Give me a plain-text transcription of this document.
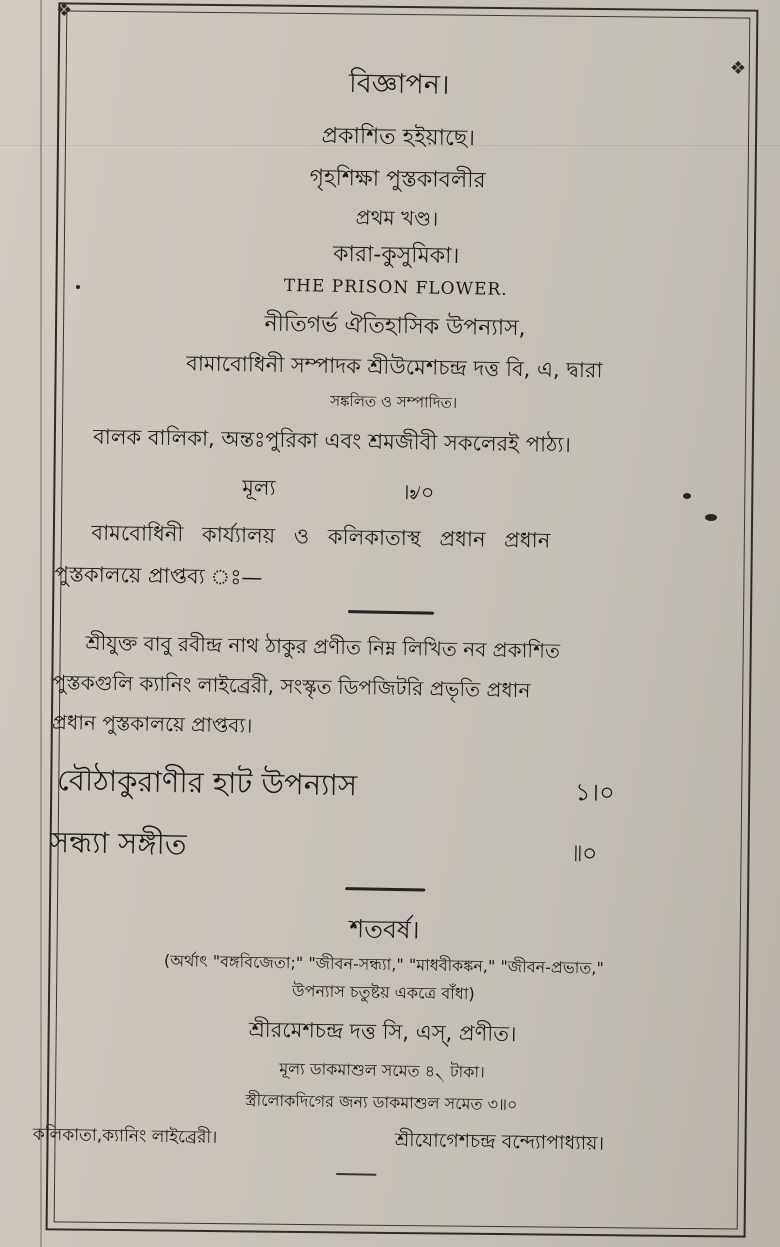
❖
❖
বিজ্ঞাপন।
প্রকাশিত হইয়াছে।
গৃহশিক্ষা পুস্তকাবলীর
প্রথম খণ্ড।
কারা-কুসুমিকা।
THE PRISON FLOWER.
নীতিগর্ভ ঐতিহাসিক উপন্যাস,
বামাবোধিনী সম্পাদক শ্রীউমেশচন্দ্র দত্ত বি, এ, দ্বারা
সঙ্কলিত ও সম্পাদিত।
বালক বালিকা, অন্তঃপুরিকা এবং শ্রমজীবী সকলেরই পাঠ্য।
মূল্য	।৶০
বামবোধিনী কার্য্যালয় ও কলিকাতাস্থ প্রধান প্রধান
পুস্তকালয়ে প্রাপ্তব্য ঃ—
শ্রীযুক্ত বাবু রবীন্দ্র নাথ ঠাকুর প্রণীত নিম্ন লিখিত নব প্রকাশিত
পুস্তকগুলি ক্যানিং লাইব্রেরী, সংস্কৃত ডিপজিটরি প্রভৃতি প্রধান
প্রধান পুস্তকালয়ে প্রাপ্তব্য।
বৌঠাকুরাণীর হাট উপন্যাস	১।০
সন্ধ্যা সঙ্গীত	৷৷০
শতবর্ষ।
(অর্থাৎ "বঙ্গবিজেতা;" "জীবন-সন্ধ্যা," "মাধবীকঙ্কন," "জীবন-প্রভাত,"
উপন্যাস চতুষ্টয় একত্রে বাঁধা)
শ্রীরমেশচন্দ্র দত্ত সি, এস্, প্রণীত।
মূল্য ডাকমাশুল সমেত ৪৲ টাকা।
স্ত্রীলোকদিগের জন্য ডাকমাশুল সমেত ৩॥০
কলিকাতা,ক্যানিং লাইব্রেরী।	শ্রীযোগেশচন্দ্র বন্দ্যোপাধ্যায়।
